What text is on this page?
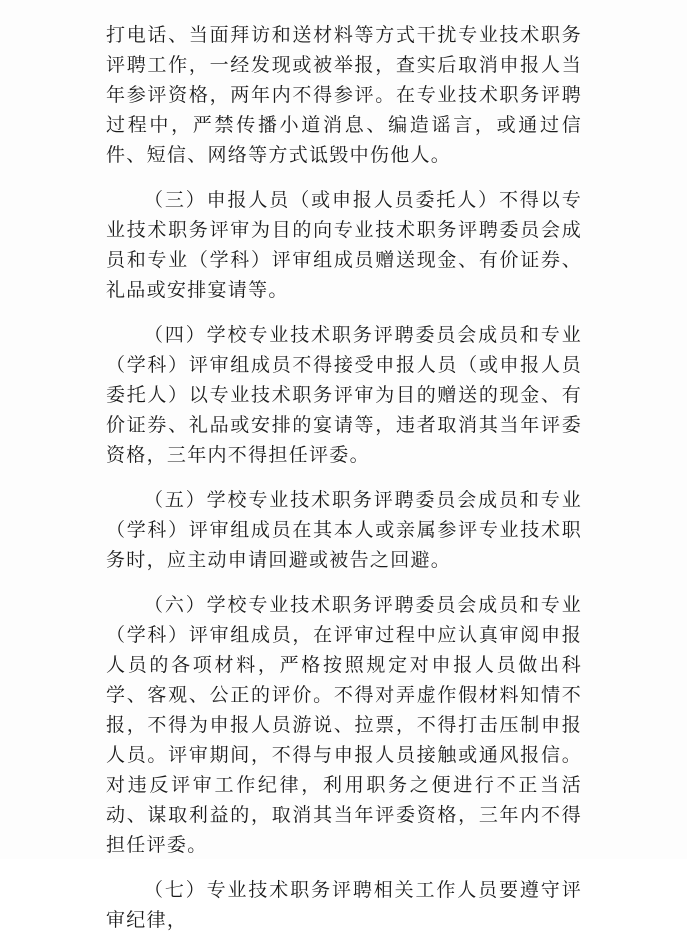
打电话、当面拜访和送材料等方式干扰专业技术职务评聘工作，一经发现或被举报，查实后取消申报人当年参评资格，两年内不得参评。在专业技术职务评聘过程中，严禁传播小道消息、编造谣言，或通过信件、短信、网络等方式诋毁中伤他人。

（三）申报人员（或申报人员委托人）不得以专业技术职务评审为目的向专业技术职务评聘委员会成员和专业（学科）评审组成员赠送现金、有价证券、礼品或安排宴请等。

（四）学校专业技术职务评聘委员会成员和专业（学科）评审组成员不得接受申报人员（或申报人员委托人）以专业技术职务评审为目的赠送的现金、有价证券、礼品或安排的宴请等，违者取消其当年评委资格，三年内不得担任评委。

（五）学校专业技术职务评聘委员会成员和专业（学科）评审组成员在其本人或亲属参评专业技术职务时，应主动申请回避或被告之回避。

（六）学校专业技术职务评聘委员会成员和专业（学科）评审组成员，在评审过程中应认真审阅申报人员的各项材料，严格按照规定对申报人员做出科学、客观、公正的评价。不得对弄虚作假材料知情不报，不得为申报人员游说、拉票，不得打击压制申报人员。评审期间，不得与申报人员接触或通风报信。对违反评审工作纪律，利用职务之便进行不正当活动、谋取利益的，取消其当年评委资格，三年内不得担任评委。

（七）专业技术职务评聘相关工作人员要遵守评审纪律，
